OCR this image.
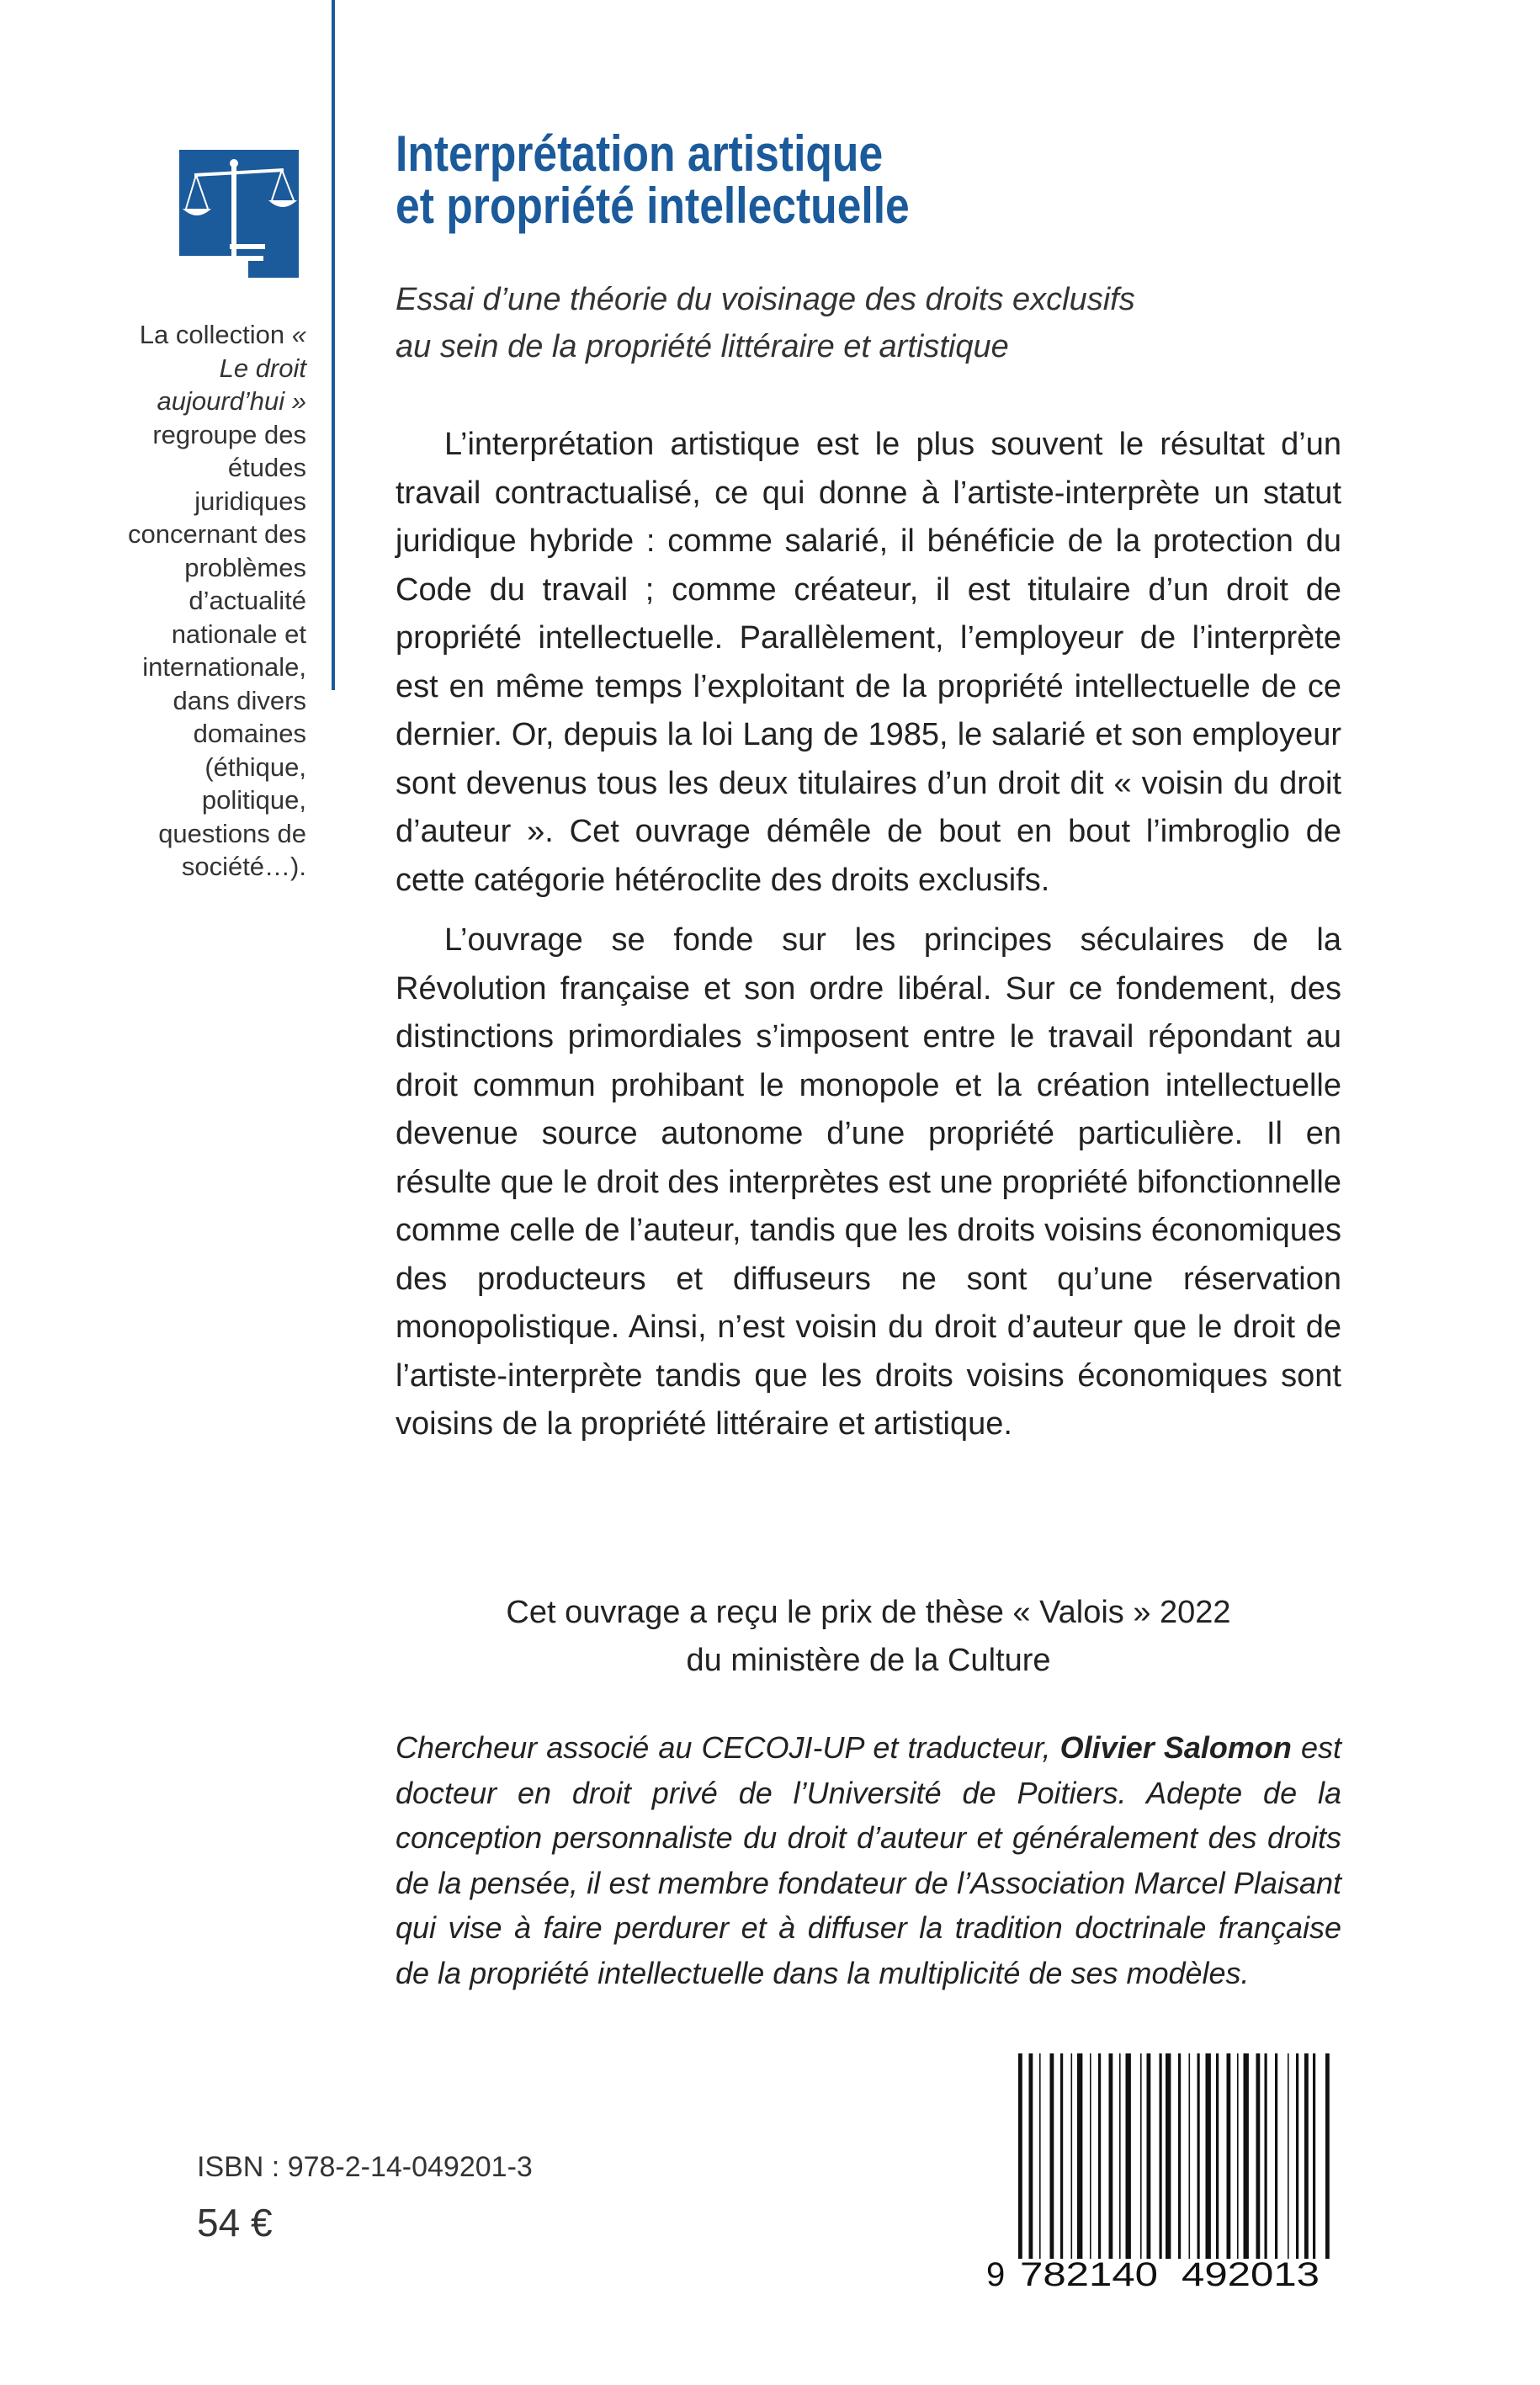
La collection « Le droit aujourd’hui » regroupe des études juridiques concernant des problèmes d’actualité nationale et internationale, dans divers domaines (éthique, politique, questions de société…).
Interprétation artistique
et propriété intellectuelle
Essai d’une théorie du voisinage des droits exclusifs
au sein de la propriété littéraire et artistique

L’interprétation artistique est le plus souvent le résultat d’un travail contractualisé, ce qui donne à l’artiste-interprète un statut juridique hybride : comme salarié, il bénéficie de la protection du Code du travail ; comme créateur, il est titulaire d’un droit de propriété intellectuelle. Parallèlement, l’employeur de l’interprète est en même temps l’exploitant de la propriété intellectuelle de ce dernier. Or, depuis la loi Lang de 1985, le salarié et son employeur sont devenus tous les deux titulaires d’un droit dit « voisin du droit d’auteur ». Cet ouvrage démêle de bout en bout l’imbroglio de cette catégorie hétéroclite des droits exclusifs.

L’ouvrage se fonde sur les principes séculaires de la Révolution française et son ordre libéral. Sur ce fondement, des distinctions primordiales s’imposent entre le travail répondant au droit commun prohibant le monopole et la création intellectuelle devenue source autonome d’une propriété particulière. Il en résulte que le droit des interprètes est une propriété bifonctionnelle comme celle de l’auteur, tandis que les droits voisins économiques des producteurs et diffuseurs ne sont qu’une réservation monopolistique. Ainsi, n’est voisin du droit d’auteur que le droit de l’artiste-interprète tandis que les droits voisins économiques sont voisins de la propriété littéraire et artistique.

Cet ouvrage a reçu le prix de thèse « Valois » 2022
du ministère de la Culture

Chercheur associé au CECOJI-UP et traducteur, Olivier Salomon est docteur en droit privé de l’Université de Poitiers. Adepte de la conception personnaliste du droit d’auteur et généralement des droits de la pensée, il est membre fondateur de l’Association Marcel Plaisant qui vise à faire perdurer et à diffuser la tradition doctrinale française de la propriété intellectuelle dans la multiplicité de ses modèles.

ISBN : 978-2-14-049201-3
54 €
9 782140 492013
